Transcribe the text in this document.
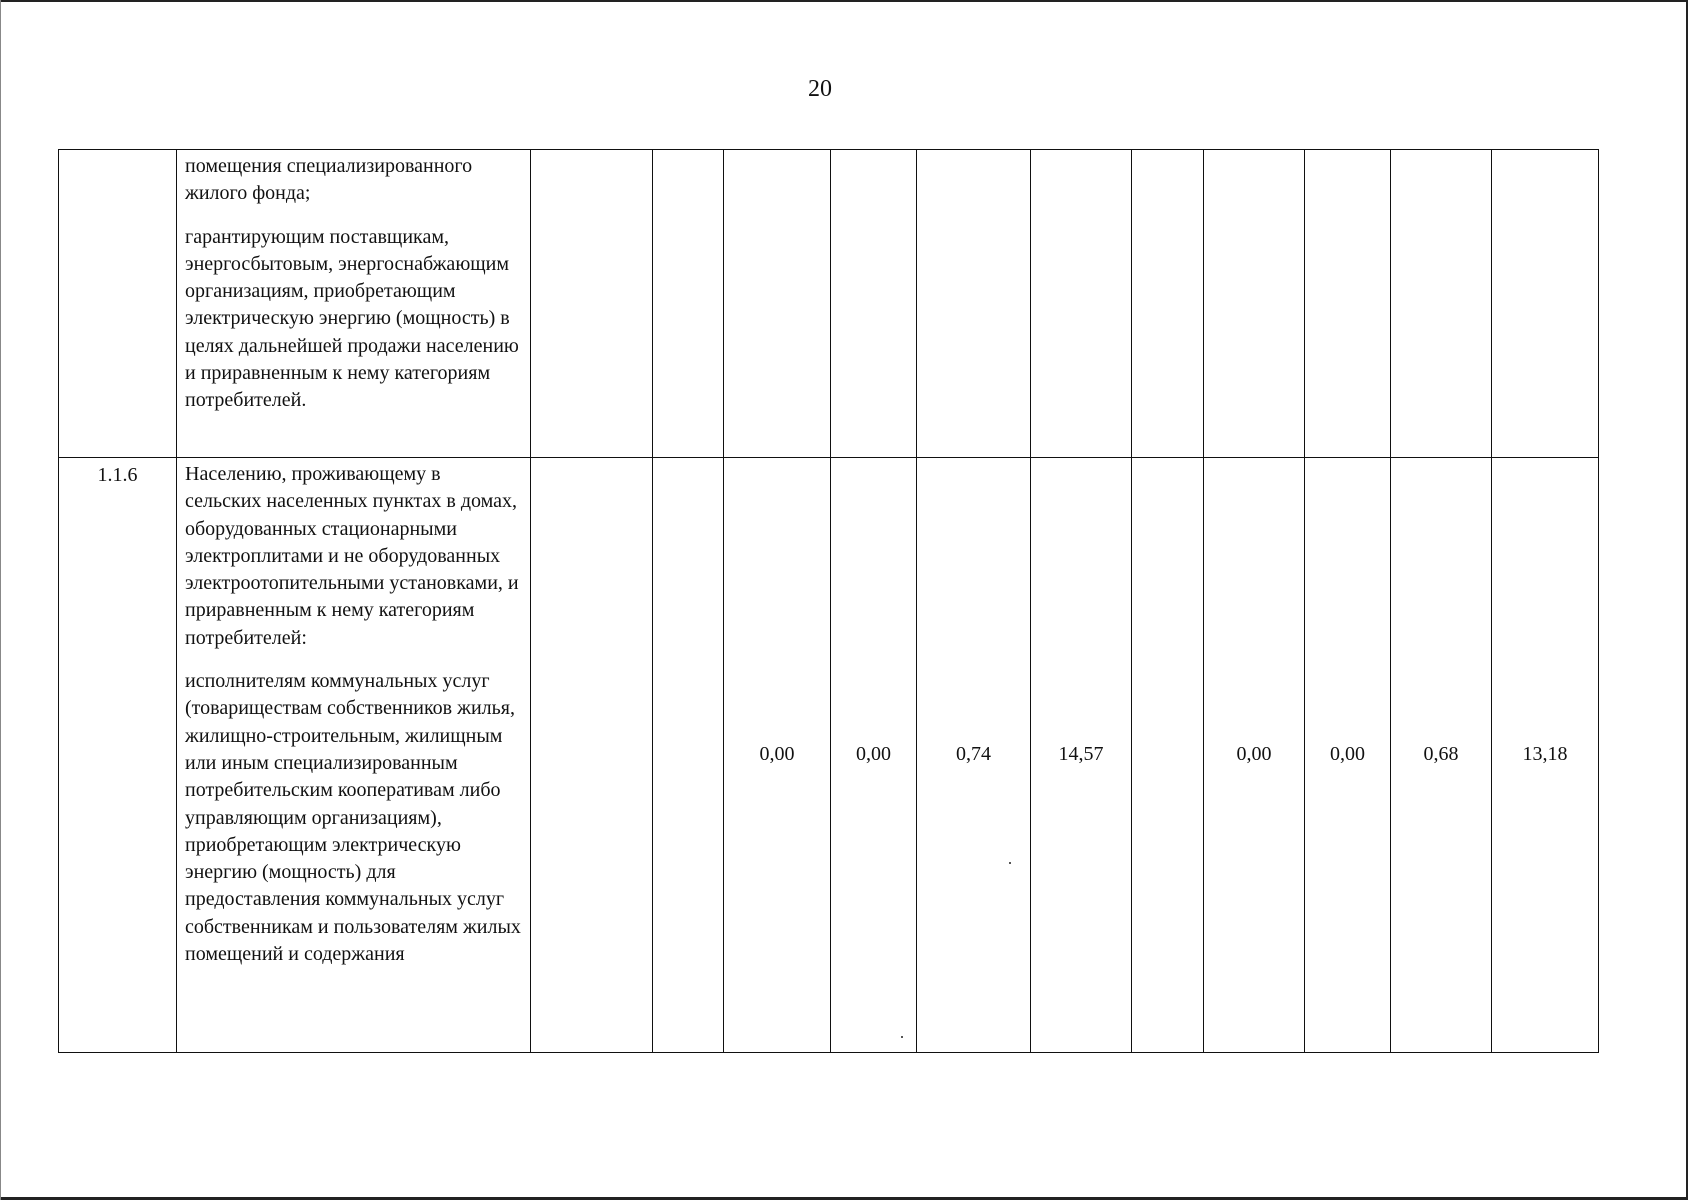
20

	помещения специализированного жилого фонда;

гарантирующим поставщикам, энергосбытовым, энергоснабжающим организациям, приобретающим электрическую энергию (мощность) в целях дальнейшей продажи населению и приравненным к нему категориям потребителей.											

1.1.6	Населению, проживающему в сельских населенных пунктах в домах, оборудованных стационарными электроплитами и не оборудованных электроотопительными установками, и приравненным к нему категориям потребителей:

исполнителям коммунальных услуг (товариществам собственников жилья, жилищно-строительным, жилищным или иным специализированным потребительским кооперативам либо управляющим организациям), приобретающим электрическую энергию (мощность) для предоставления коммунальных услуг собственникам и пользователям жилых помещений и содержания			0,00	0,00	0,74	14,57		0,00	0,00	0,68	13,18
